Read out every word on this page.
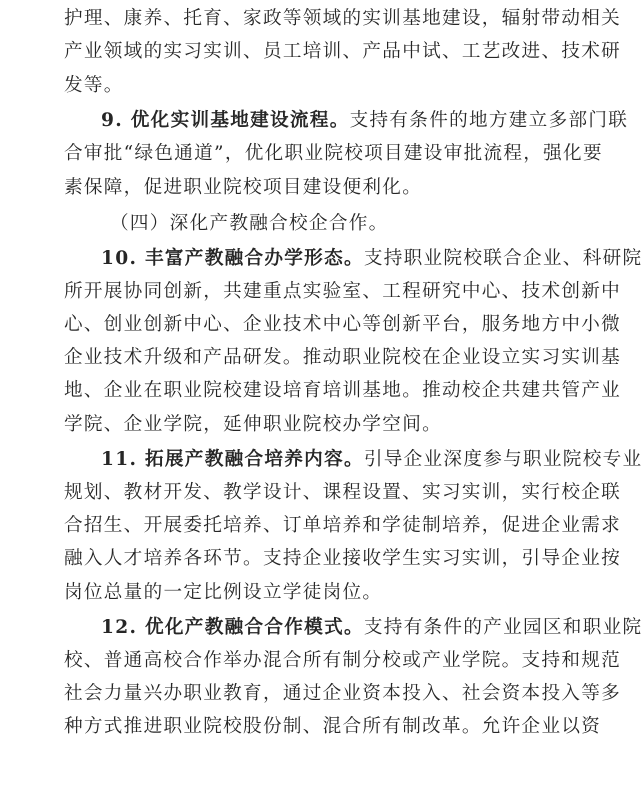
护理、康养、托育、家政等领域的实训基地建设，辐射带动相关

产业领域的实习实训、员工培训、产品中试、工艺改进、技术研

发等。

9. 优化实训基地建设流程。支持有条件的地方建立多部门联

合审批“绿色通道”，优化职业院校项目建设审批流程，强化要

素保障，促进职业院校项目建设便利化。

（四）深化产教融合校企合作。

10. 丰富产教融合办学形态。支持职业院校联合企业、科研院

所开展协同创新，共建重点实验室、工程研究中心、技术创新中

心、创业创新中心、企业技术中心等创新平台，服务地方中小微

企业技术升级和产品研发。推动职业院校在企业设立实习实训基

地、企业在职业院校建设培育培训基地。推动校企共建共管产业

学院、企业学院，延伸职业院校办学空间。

11. 拓展产教融合培养内容。引导企业深度参与职业院校专业

规划、教材开发、教学设计、课程设置、实习实训，实行校企联

合招生、开展委托培养、订单培养和学徒制培养，促进企业需求

融入人才培养各环节。支持企业接收学生实习实训，引导企业按

岗位总量的一定比例设立学徒岗位。

12. 优化产教融合合作模式。支持有条件的产业园区和职业院

校、普通高校合作举办混合所有制分校或产业学院。支持和规范

社会力量兴办职业教育，通过企业资本投入、社会资本投入等多

种方式推进职业院校股份制、混合所有制改革。允许企业以资
